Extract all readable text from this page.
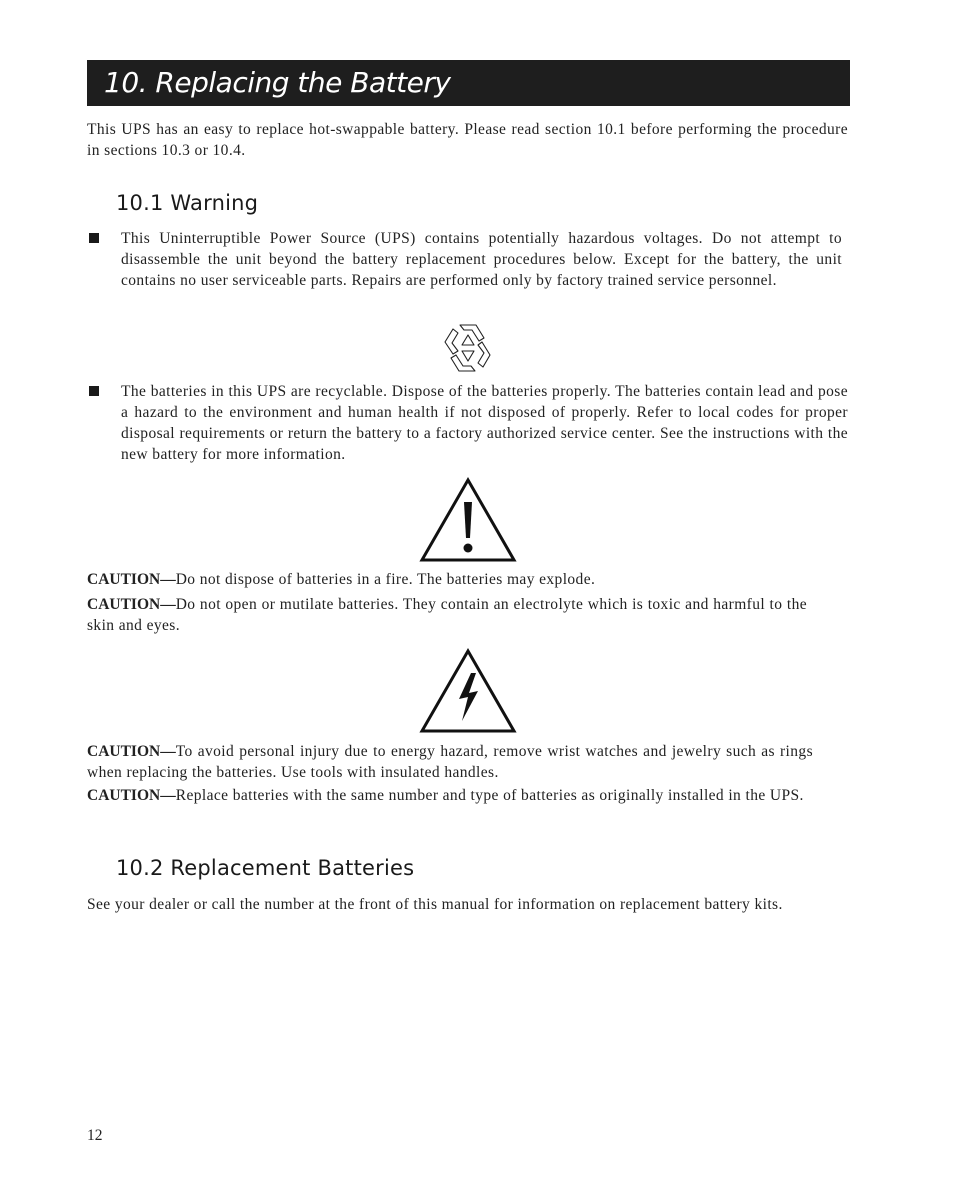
10. Replacing the Battery

This UPS has an easy to replace hot-swappable battery. Please read section 10.1 before performing the procedure in sections 10.3 or 10.4.

10.1 Warning

This Uninterruptible Power Source (UPS) contains potentially hazardous voltages. Do not attempt to disassemble the unit beyond the battery replacement procedures below. Except for the battery, the unit contains no user serviceable parts. Repairs are performed only by factory trained service personnel.

The batteries in this UPS are recyclable. Dispose of the batteries properly. The batteries contain lead and pose a hazard to the environment and human health if not disposed of properly. Refer to local codes for proper disposal requirements or return the battery to a factory authorized service center. See the instructions with the new battery for more information.

CAUTION—Do not dispose of batteries in a fire. The batteries may explode.

CAUTION—Do not open or mutilate batteries. They contain an electrolyte which is toxic and harmful to the skin and eyes.

CAUTION—To avoid personal injury due to energy hazard, remove wrist watches and jewelry such as rings when replacing the batteries. Use tools with insulated handles.

CAUTION—Replace batteries with the same number and type of batteries as originally installed in the UPS.

10.2 Replacement Batteries

See your dealer or call the number at the front of this manual for information on replacement battery kits.

12
